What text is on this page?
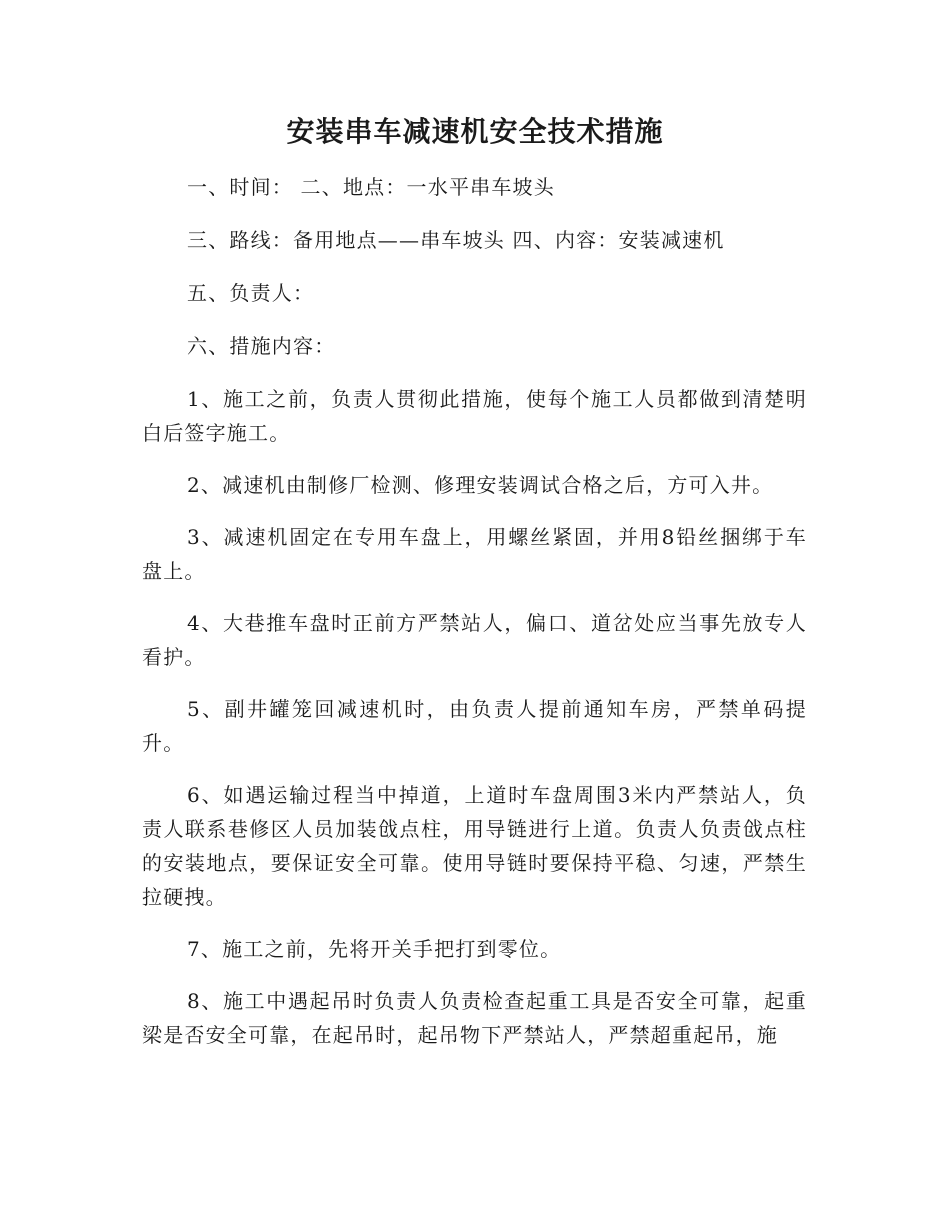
安装串车减速机安全技术措施

一、时间： 二、地点：一水平串车坡头

三、路线：备用地点——串车坡头 四、内容：安装减速机

五、负责人：

六、措施内容：

1、施工之前，负责人贯彻此措施，使每个施工人员都做到清楚明白后签字施工。

2、减速机由制修厂检测、修理安装调试合格之后，方可入井。

3、减速机固定在专用车盘上，用螺丝紧固，并用8铅丝捆绑于车盘上。

4、大巷推车盘时正前方严禁站人，偏口、道岔处应当事先放专人看护。

5、副井罐笼回减速机时，由负责人提前通知车房，严禁单码提升。

6、如遇运输过程当中掉道，上道时车盘周围3米内严禁站人，负责人联系巷修区人员加装戗点柱，用导链进行上道。负责人负责戗点柱的安装地点，要保证安全可靠。使用导链时要保持平稳、匀速，严禁生拉硬拽。

7、施工之前，先将开关手把打到零位。

8、施工中遇起吊时负责人负责检查起重工具是否安全可靠，起重梁是否安全可靠，在起吊时，起吊物下严禁站人，严禁超重起吊，施
